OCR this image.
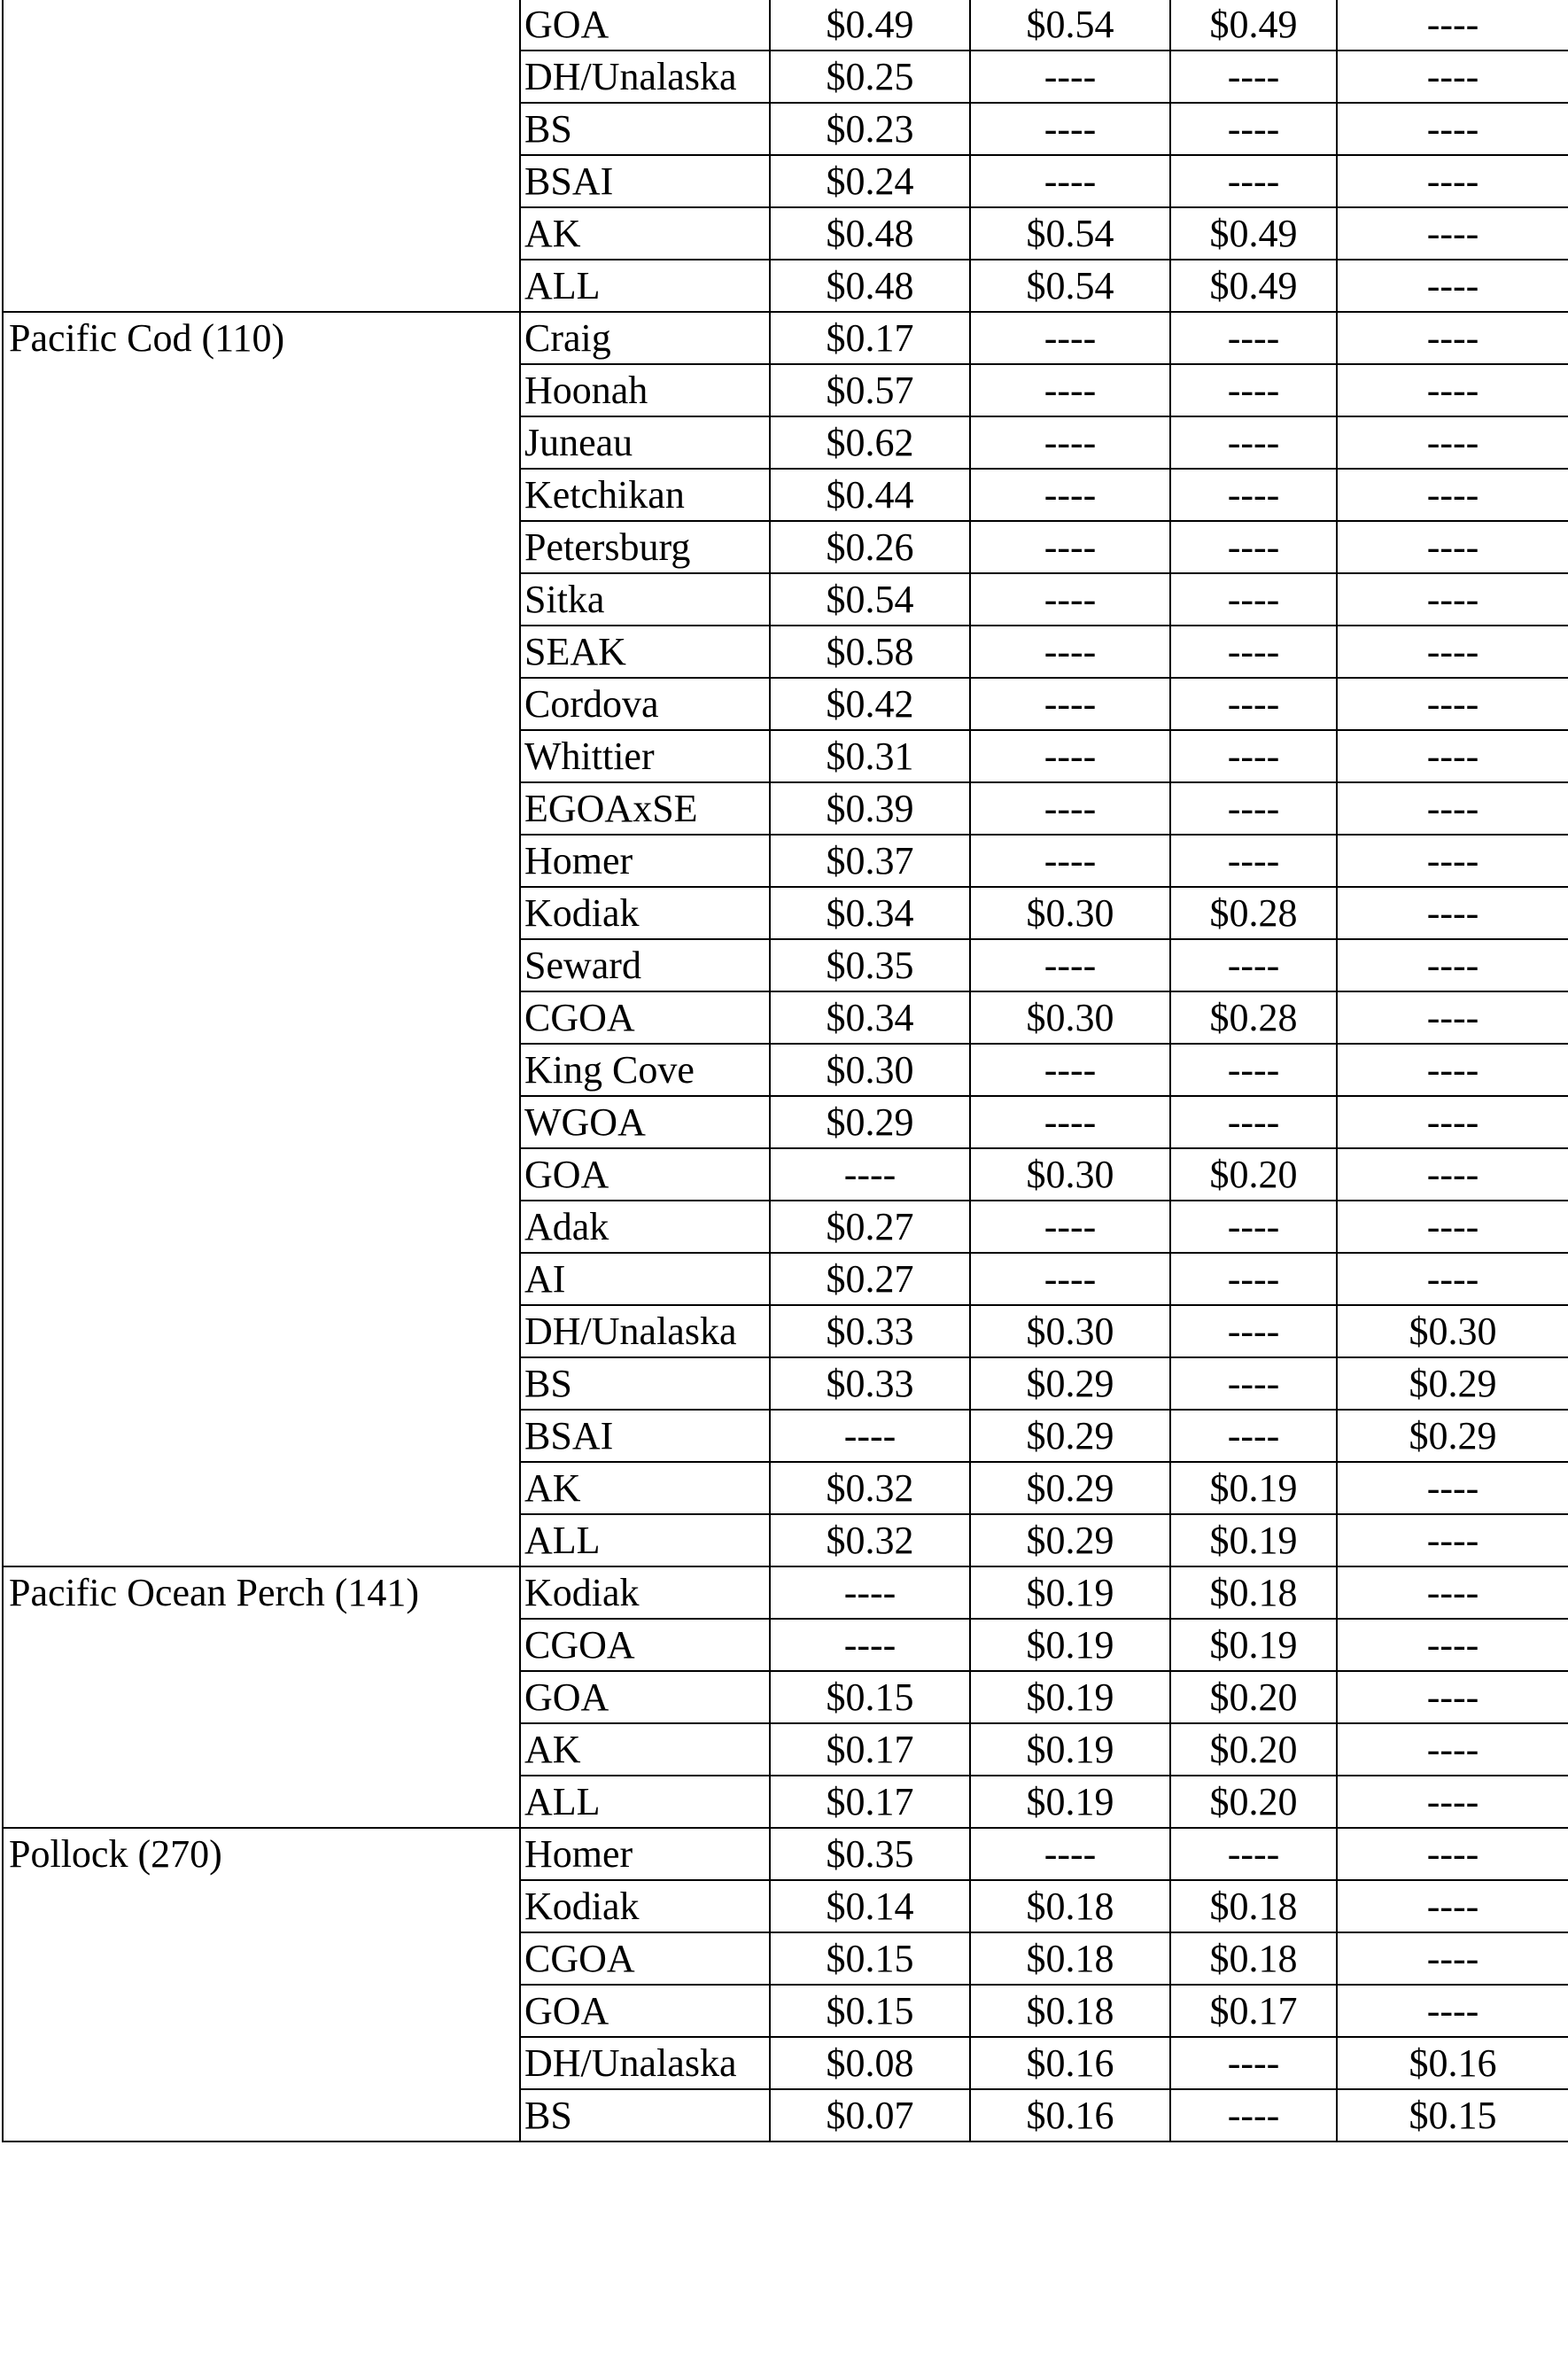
	GOA	$0.49	$0.54	$0.49	----
	DH/Unalaska	$0.25	----	----	----
	BS	$0.23	----	----	----
	BSAI	$0.24	----	----	----
	AK	$0.48	$0.54	$0.49	----
	ALL	$0.48	$0.54	$0.49	----
Pacific Cod (110)	Craig	$0.17	----	----	----
	Hoonah	$0.57	----	----	----
	Juneau	$0.62	----	----	----
	Ketchikan	$0.44	----	----	----
	Petersburg	$0.26	----	----	----
	Sitka	$0.54	----	----	----
	SEAK	$0.58	----	----	----
	Cordova	$0.42	----	----	----
	Whittier	$0.31	----	----	----
	EGOAxSE	$0.39	----	----	----
	Homer	$0.37	----	----	----
	Kodiak	$0.34	$0.30	$0.28	----
	Seward	$0.35	----	----	----
	CGOA	$0.34	$0.30	$0.28	----
	King Cove	$0.30	----	----	----
	WGOA	$0.29	----	----	----
	GOA	----	$0.30	$0.20	----
	Adak	$0.27	----	----	----
	AI	$0.27	----	----	----
	DH/Unalaska	$0.33	$0.30	----	$0.30
	BS	$0.33	$0.29	----	$0.29
	BSAI	----	$0.29	----	$0.29
	AK	$0.32	$0.29	$0.19	----
	ALL	$0.32	$0.29	$0.19	----
Pacific Ocean Perch (141)	Kodiak	----	$0.19	$0.18	----
	CGOA	----	$0.19	$0.19	----
	GOA	$0.15	$0.19	$0.20	----
	AK	$0.17	$0.19	$0.20	----
	ALL	$0.17	$0.19	$0.20	----
Pollock (270)	Homer	$0.35	----	----	----
	Kodiak	$0.14	$0.18	$0.18	----
	CGOA	$0.15	$0.18	$0.18	----
	GOA	$0.15	$0.18	$0.17	----
	DH/Unalaska	$0.08	$0.16	----	$0.16
	BS	$0.07	$0.16	----	$0.15
